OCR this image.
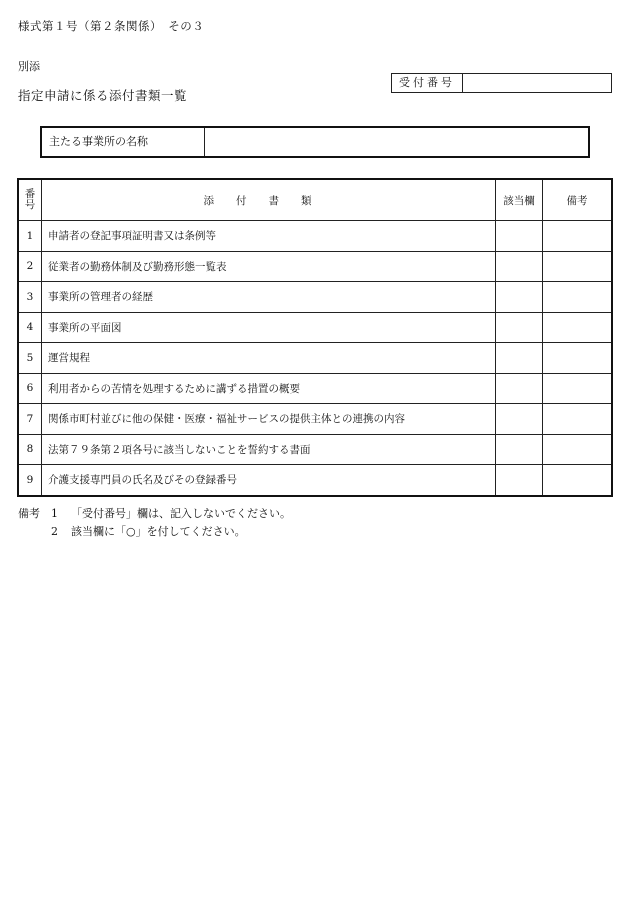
様式第１号（第２条関係）　その３
別添
指定申請に係る添付書類一覧
受付番号
主たる事業所の名称
番
号	添付書類	該当欄	備考
1	申請者の登記事項証明書又は条例等		
2	従業者の勤務体制及び勤務形態一覧表		
3	事業所の管理者の経歴		
4	事業所の平面図		
5	運営規程		
6	利用者からの苦情を処理するために講ずる措置の概要		
7	関係市町村並びに他の保健・医療・福祉サービスの提供主体との連携の内容		
8	法第７９条第２項各号に該当しないことを誓約する書面		
9	介護支援専門員の氏名及びその登録番号		
備考	1	「受付番号」欄は、記入しないでください。
2	該当欄に「○」を付してください。
